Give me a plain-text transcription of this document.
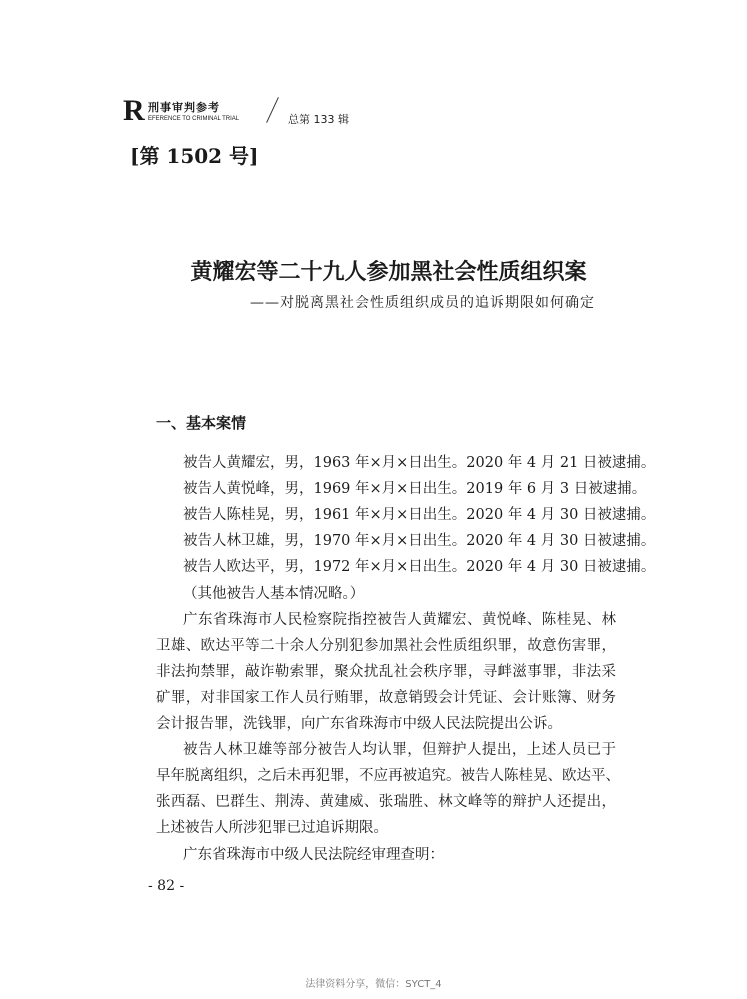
R 刑事审判参考
EFERENCE TO CRIMINAL TRIAL	总第 133 辑
[第 1502 号]
黄耀宏等二十九人参加黑社会性质组织案
——对脱离黑社会性质组织成员的追诉期限如何确定
一、基本案情
被告人黄耀宏，男，1963 年×月×日出生。2020 年 4 月 21 日被逮捕。
被告人黄悦峰，男，1969 年×月×日出生。2019 年 6 月 3 日被逮捕。
被告人陈桂晃，男，1961 年×月×日出生。2020 年 4 月 30 日被逮捕。
被告人林卫雄，男，1970 年×月×日出生。2020 年 4 月 30 日被逮捕。
被告人欧达平，男，1972 年×月×日出生。2020 年 4 月 30 日被逮捕。
（其他被告人基本情况略。）
广东省珠海市人民检察院指控被告人黄耀宏、黄悦峰、陈桂晃、林
卫雄、欧达平等二十余人分别犯参加黑社会性质组织罪，故意伤害罪，
非法拘禁罪，敲诈勒索罪，聚众扰乱社会秩序罪，寻衅滋事罪，非法采
矿罪，对非国家工作人员行贿罪，故意销毁会计凭证、会计账簿、财务
会计报告罪，洗钱罪，向广东省珠海市中级人民法院提出公诉。
被告人林卫雄等部分被告人均认罪，但辩护人提出，上述人员已于
早年脱离组织，之后未再犯罪，不应再被追究。被告人陈桂晃、欧达平、
张西磊、巴群生、荆涛、黄建威、张瑞胜、林文峰等的辩护人还提出，
上述被告人所涉犯罪已过追诉期限。
广东省珠海市中级人民法院经审理查明：
- 82 -
法律资料分享，微信：SYCT_4
